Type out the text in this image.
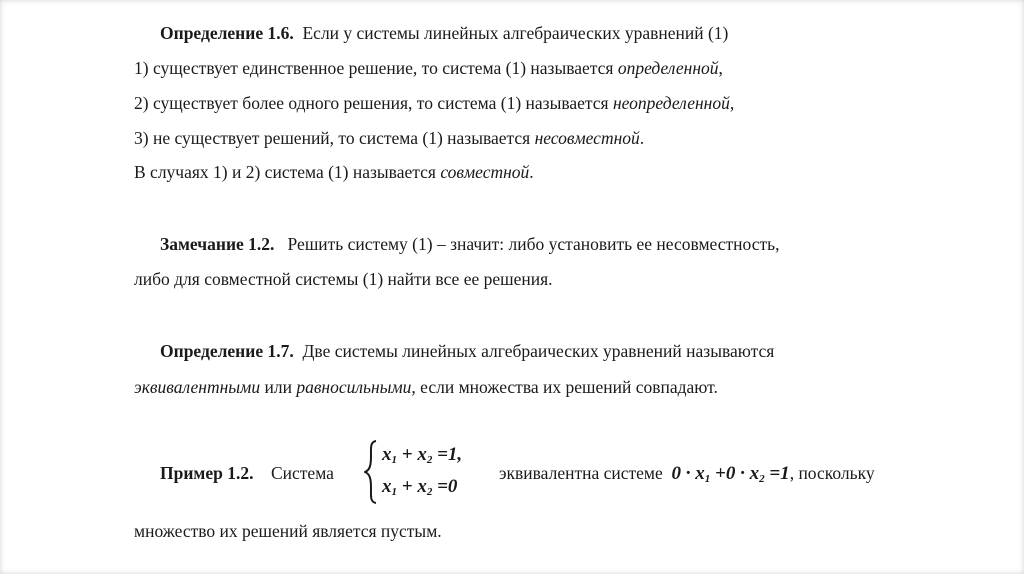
Определение 1.6. Если у системы линейных алгебраических уравнений (1)
1) существует единственное решение, то система (1) называется определенной,
2) существует более одного решения, то система (1) называется неопределенной,
3) не существует решений, то система (1) называется несовместной.
В случаях 1) и 2) система (1) называется совместной.
Замечание 1.2. Решить систему (1) – значит: либо установить ее несовместность,
либо для совместной системы (1) найти все ее решения.
Определение 1.7. Две системы линейных алгебраических уравнений называются
эквивалентными или равносильными, если множества их решений совпадают.
Пример 1.2. Система
$x_1 + x_2 =1$,
$x_1 + x_2 =0$
эквивалентна системе $0 \cdot x_1 +0 \cdot x_2 =1$, поскольку
множество их решений является пустым.
